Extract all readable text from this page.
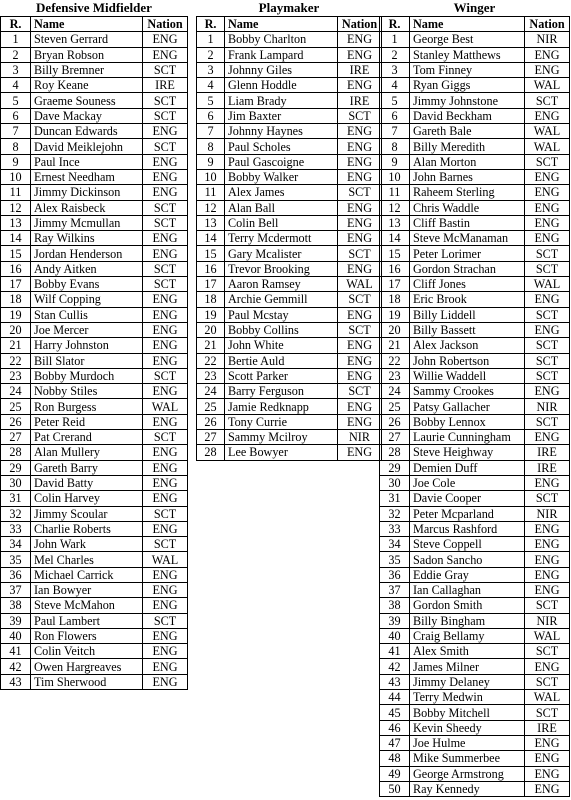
Defensive Midfielder
R.	Name	Nation
1	Steven Gerrard	ENG
2	Bryan Robson	ENG
3	Billy Bremner	SCT
4	Roy Keane	IRE
5	Graeme Souness	SCT
6	Dave Mackay	SCT
7	Duncan Edwards	ENG
8	David Meiklejohn	SCT
9	Paul Ince	ENG
10	Ernest Needham	ENG
11	Jimmy Dickinson	ENG
12	Alex Raisbeck	SCT
13	Jimmy Mcmullan	SCT
14	Ray Wilkins	ENG
15	Jordan Henderson	ENG
16	Andy Aitken	SCT
17	Bobby Evans	SCT
18	Wilf Copping	ENG
19	Stan Cullis	ENG
20	Joe Mercer	ENG
21	Harry Johnston	ENG
22	Bill Slator	ENG
23	Bobby Murdoch	SCT
24	Nobby Stiles	ENG
25	Ron Burgess	WAL
26	Peter Reid	ENG
27	Pat Crerand	SCT
28	Alan Mullery	ENG
29	Gareth Barry	ENG
30	David Batty	ENG
31	Colin Harvey	ENG
32	Jimmy Scoular	SCT
33	Charlie Roberts	ENG
34	John Wark	SCT
35	Mel Charles	WAL
36	Michael Carrick	ENG
37	Ian Bowyer	ENG
38	Steve McMahon	ENG
39	Paul Lambert	SCT
40	Ron Flowers	ENG
41	Colin Veitch	ENG
42	Owen Hargreaves	ENG
43	Tim Sherwood	ENG
Playmaker
R.	Name	Nation
1	Bobby Charlton	ENG
2	Frank Lampard	ENG
3	Johnny Giles	IRE
4	Glenn Hoddle	ENG
5	Liam Brady	IRE
6	Jim Baxter	SCT
7	Johnny Haynes	ENG
8	Paul Scholes	ENG
9	Paul Gascoigne	ENG
10	Bobby Walker	ENG
11	Alex James	SCT
12	Alan Ball	ENG
13	Colin Bell	ENG
14	Terry Mcdermott	ENG
15	Gary Mcalister	SCT
16	Trevor Brooking	ENG
17	Aaron Ramsey	WAL
18	Archie Gemmill	SCT
19	Paul Mcstay	ENG
20	Bobby Collins	SCT
21	John White	ENG
22	Bertie Auld	ENG
23	Scott Parker	ENG
24	Barry Ferguson	SCT
25	Jamie Redknapp	ENG
26	Tony Currie	ENG
27	Sammy Mcilroy	NIR
28	Lee Bowyer	ENG
Winger
R.	Name	Nation
1	George Best	NIR
2	Stanley Matthews	ENG
3	Tom Finney	ENG
4	Ryan Giggs	WAL
5	Jimmy Johnstone	SCT
6	David Beckham	ENG
7	Gareth Bale	WAL
8	Billy Meredith	WAL
9	Alan Morton	SCT
10	John Barnes	ENG
11	Raheem Sterling	ENG
12	Chris Waddle	ENG
13	Cliff Bastin	ENG
14	Steve McManaman	ENG
15	Peter Lorimer	SCT
16	Gordon Strachan	SCT
17	Cliff Jones	WAL
18	Eric Brook	ENG
19	Billy Liddell	SCT
20	Billy Bassett	ENG
21	Alex Jackson	SCT
22	John Robertson	SCT
23	Willie Waddell	SCT
24	Sammy Crookes	ENG
25	Patsy Gallacher	NIR
26	Bobby Lennox	SCT
27	Laurie Cunningham	ENG
28	Steve Heighway	IRE
29	Demien Duff	IRE
30	Joe Cole	ENG
31	Davie Cooper	SCT
32	Peter Mcparland	NIR
33	Marcus Rashford	ENG
34	Steve Coppell	ENG
35	Sadon Sancho	ENG
36	Eddie Gray	ENG
37	Ian Callaghan	ENG
38	Gordon Smith	SCT
39	Billy Bingham	NIR
40	Craig Bellamy	WAL
41	Alex Smith	SCT
42	James Milner	ENG
43	Jimmy Delaney	SCT
44	Terry Medwin	WAL
45	Bobby Mitchell	SCT
46	Kevin Sheedy	IRE
47	Joe Hulme	ENG
48	Mike Summerbee	ENG
49	George Armstrong	ENG
50	Ray Kennedy	ENG
